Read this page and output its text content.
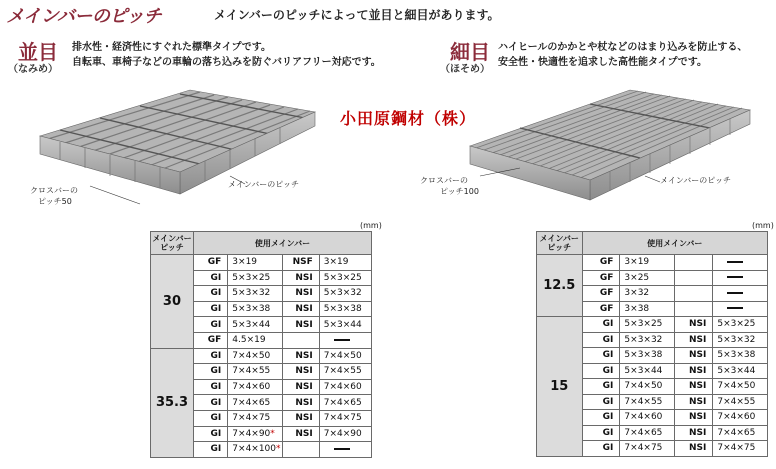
メインバーのピッチ	メインバーのピッチによって並目と細目があります。
並目
（なみめ）
排水性・経済性にすぐれた標準タイプです。
自転車、車椅子などの車輪の落ち込みを防ぐバリアフリー対応です。	細目
（ほそめ）
ハイヒールのかかとや杖などのはまり込みを防止する、
安全性・快適性を追求した高性能タイプです。
小田原鋼材（株）
クロスバーの
ピッチ50
メインバーのピッチ	クロスバーの
ピッチ100
メインバーのピッチ
(mm)	(mm)
メインバー
ピッチ	使用メインバー			
30	GF	3×19	NSF	3×19
	GI	5×3×25	NSI	5×3×25
	GI	5×3×32	NSI	5×3×32
	GI	5×3×38	NSI	5×3×38
	GI	5×3×44	NSI	5×3×44
	GF	4.5×19		
35.3	GI	7×4×50	NSI	7×4×50
	GI	7×4×55	NSI	7×4×55
	GI	7×4×60	NSI	7×4×60
	GI	7×4×65	NSI	7×4×65
	GI	7×4×75	NSI	7×4×75
	GI	7×4×90*	NSI	7×4×90
	GI	7×4×100*		
メインバー
ピッチ	使用メインバー			
12.5	GF	3×19		
	GF	3×25		
	GF	3×32		
	GF	3×38		
15	GI	5×3×25	NSI	5×3×25
	GI	5×3×32	NSI	5×3×32
	GI	5×3×38	NSI	5×3×38
	GI	5×3×44	NSI	5×3×44
	GI	7×4×50	NSI	7×4×50
	GI	7×4×55	NSI	7×4×55
	GI	7×4×60	NSI	7×4×60
	GI	7×4×65	NSI	7×4×65
	GI	7×4×75	NSI	7×4×75
